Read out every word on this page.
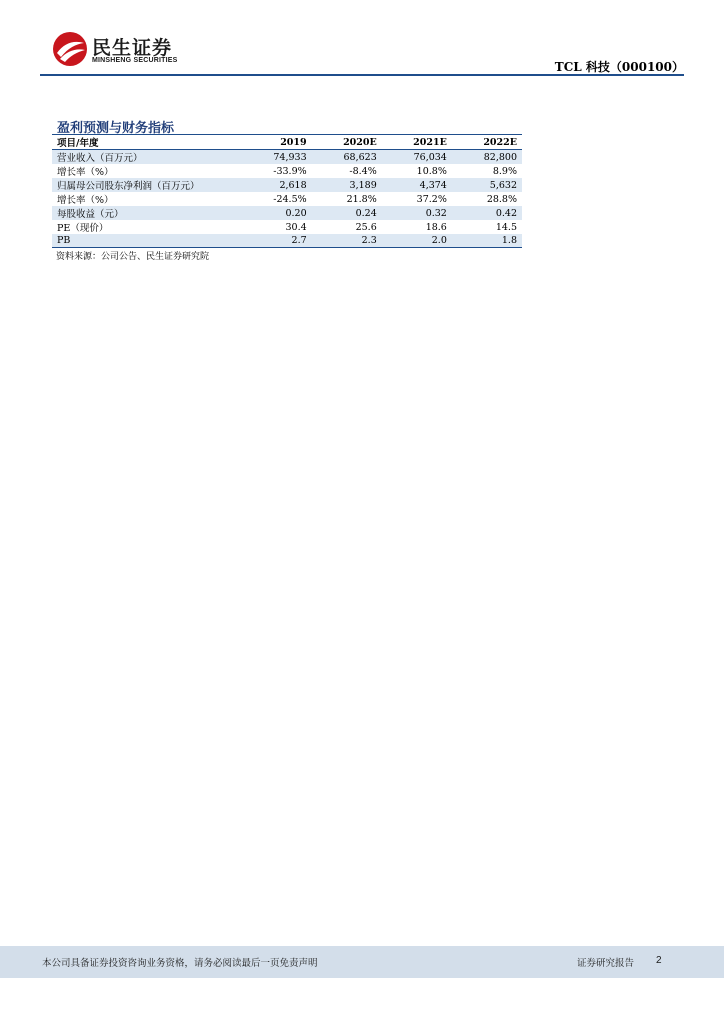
民生证券
MINSHENG SECURITIES	TCL 科技（000100）
盈利预测与财务指标
项目/年度	2019	2020E	2021E	2022E
营业收入（百万元）	74,933	68,623	76,034	82,800
增长率（%）	-33.9%	-8.4%	10.8%	8.9%
归属母公司股东净利润（百万元）	2,618	3,189	4,374	5,632
增长率（%）	-24.5%	21.8%	37.2%	28.8%
每股收益（元）	0.20	0.24	0.32	0.42
PE（现价）	30.4	25.6	18.6	14.5
PB	2.7	2.3	2.0	1.8
资料来源：公司公告、民生证券研究院
本公司具备证券投资咨询业务资格，请务必阅读最后一页免责声明	证券研究报告 2
